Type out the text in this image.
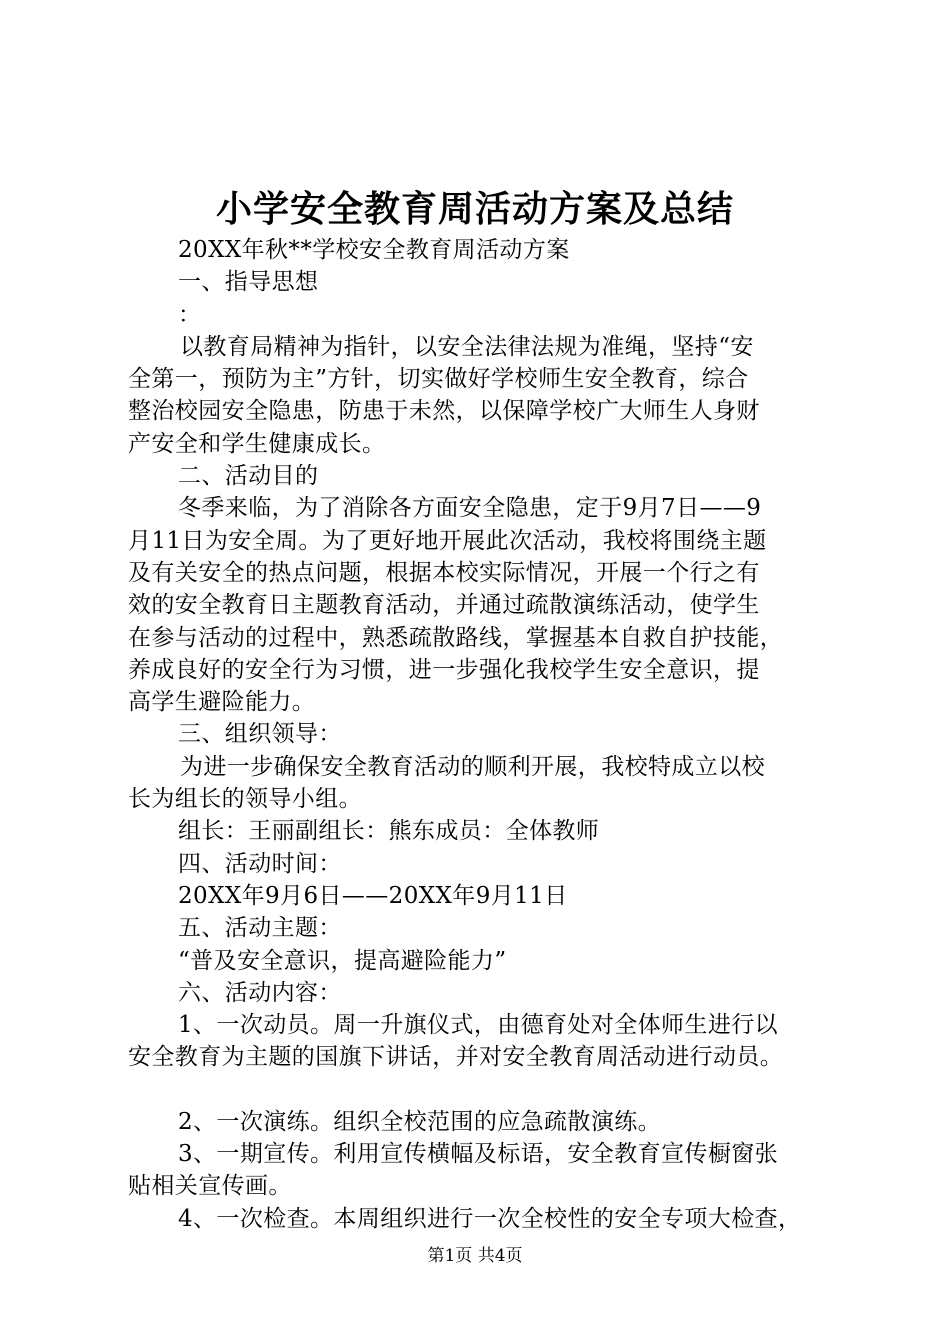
小学安全教育周活动方案及总结

20XX年秋**学校安全教育周活动方案

一、指导思想

：

以教育局精神为指针，以安全法律法规为准绳，坚持“安

全第一，预防为主”方针，切实做好学校师生安全教育，综合

整治校园安全隐患，防患于未然，以保障学校广大师生人身财

产安全和学生健康成长。

二、活动目的

冬季来临，为了消除各方面安全隐患，定于9月7日——9

月11日为安全周。为了更好地开展此次活动，我校将围绕主题

及有关安全的热点问题，根据本校实际情况，开展一个行之有

效的安全教育日主题教育活动，并通过疏散演练活动，使学生

在参与活动的过程中，熟悉疏散路线，掌握基本自救自护技能，

养成良好的安全行为习惯，进一步强化我校学生安全意识，提

高学生避险能力。

三、组织领导：

为进一步确保安全教育活动的顺利开展，我校特成立以校

长为组长的领导小组。

组长：王丽副组长：熊东成员：全体教师

四、活动时间：

20XX年9月6日——20XX年9月11日

五、活动主题：

“普及安全意识，提高避险能力”

六、活动内容：

1、一次动员。周一升旗仪式，由德育处对全体师生进行以

安全教育为主题的国旗下讲话，并对安全教育周活动进行动员。

2、一次演练。组织全校范围的应急疏散演练。

3、一期宣传。利用宣传横幅及标语，安全教育宣传橱窗张

贴相关宣传画。

4、一次检查。本周组织进行一次全校性的安全专项大检查，

第1页 共4页
